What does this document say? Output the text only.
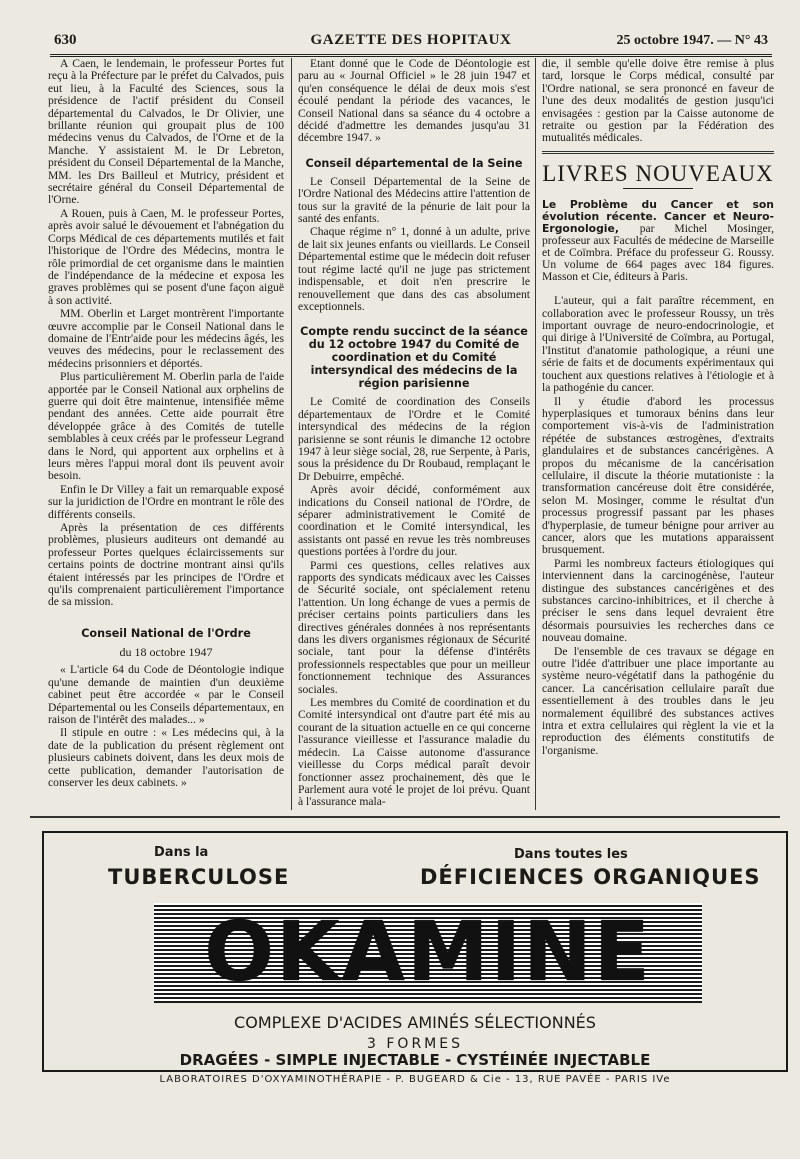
630	GAZETTE DES HOPITAUX	25 octobre 1947. — N° 43

A Caen, le lendemain, le professeur Portes fut reçu à la Préfecture par le préfet du Calvados, puis eut lieu, à la Faculté des Sciences, sous la présidence de l'actif président du Conseil départemental du Calvados, le Dr Olivier, une brillante réunion qui groupait plus de 100 médecins venus du Calvados, de l'Orne et de la Manche. Y assistaient M. le Dr Lebreton, président du Conseil Départemental de la Manche, MM. les Drs Bailleul et Mutricy, président et secrétaire général du Conseil Départemental de l'Orne.

A Rouen, puis à Caen, M. le professeur Portes, après avoir salué le dévouement et l'abnégation du Corps Médical de ces départements mutilés et fait l'historique de l'Ordre des Médecins, montra le rôle primordial de cet organisme dans le maintien de l'indépendance de la médecine et exposa les graves problèmes qui se posent d'une façon aiguë à son activité.

MM. Oberlin et Larget montrèrent l'importante œuvre accomplie par le Conseil National dans le domaine de l'Entr'aide pour les médecins âgés, les veuves des médecins, pour le reclassement des médecins prisonniers et déportés.

Plus particulièrement M. Oberlin parla de l'aide apportée par le Conseil National aux orphelins de guerre qui doit être maintenue, intensifiée même pendant des années. Cette aide pourrait être développée grâce à des Comités de tutelle semblables à ceux créés par le professeur Legrand dans le Nord, qui apportent aux orphelins et à leurs mères l'appui moral dont ils peuvent avoir besoin.

Enfin le Dr Villey a fait un remarquable exposé sur la juridiction de l'Ordre en montrant le rôle des différents conseils.

Après la présentation de ces différents problèmes, plusieurs auditeurs ont demandé au professeur Portes quelques éclaircissements sur certains points de doctrine montrant ainsi qu'ils étaient intéressés par les principes de l'Ordre et qu'ils comprenaient particulièrement l'importance de sa mission.

Conseil National de l'Ordre
du 18 octobre 1947

« L'article 64 du Code de Déontologie indique qu'une demande de maintien d'un deuxième cabinet peut être accordée « par le Conseil Départemental ou les Conseils départementaux, en raison de l'intérêt des malades... »

Il stipule en outre : « Les médecins qui, à la date de la publication du présent règlement ont plusieurs cabinets doivent, dans les deux mois de cette publication, demander l'autorisation de conserver les deux cabinets. »

Etant donné que le Code de Déontologie est paru au « Journal Officiel » le 28 juin 1947 et qu'en conséquence le délai de deux mois s'est écoulé pendant la période des vacances, le Conseil National dans sa séance du 4 octobre a décidé d'admettre les demandes jusqu'au 31 décembre 1947. »

Conseil départemental de la Seine

Le Conseil Départemental de la Seine de l'Ordre National des Médecins attire l'attention de tous sur la gravité de la pénurie de lait pour la santé des enfants.

Chaque régime n° 1, donné à un adulte, prive de lait six jeunes enfants ou vieillards. Le Conseil Départemental estime que le médecin doit refuser tout régime lacté qu'il ne juge pas strictement indispensable, et doit n'en prescrire le renouvellement que dans des cas absolument exceptionnels.

Compte rendu succinct de la séance du 12 octobre 1947 du Comité de coordination et du Comité intersyndical des médecins de la région parisienne

Le Comité de coordination des Conseils départementaux de l'Ordre et le Comité intersyndical des médecins de la région parisienne se sont réunis le dimanche 12 octobre 1947 à leur siège social, 28, rue Serpente, à Paris, sous la présidence du Dr Roubaud, remplaçant le Dr Debuirre, empêché.

Après avoir décidé, conformément aux indications du Conseil national de l'Ordre, de séparer administrativement le Comité de coordination et le Comité intersyndical, les assistants ont passé en revue les très nombreuses questions portées à l'ordre du jour.

Parmi ces questions, celles relatives aux rapports des syndicats médicaux avec les Caisses de Sécurité sociale, ont spécialement retenu l'attention. Un long échange de vues a permis de préciser certains points particuliers dans les directives générales données à nos représentants dans les divers organismes régionaux de Sécurité sociale, tant pour la défense d'intérêts professionnels respectables que pour un meilleur fonctionnement technique des Assurances sociales.

Les membres du Comité de coordination et du Comité intersyndical ont d'autre part été mis au courant de la situation actuelle en ce qui concerne l'assurance vieillesse et l'assurance maladie du médecin. La Caisse autonome d'assurance vieillesse du Corps médical paraît devoir fonctionner assez prochainement, dès que le Parlement aura voté le projet de loi prévu. Quant à l'assurance mala-

die, il semble qu'elle doive être remise à plus tard, lorsque le Corps médical, consulté par l'Ordre national, se sera prononcé en faveur de l'une des deux modalités de gestion jusqu'ici envisagées : gestion par la Caisse autonome de retraite ou gestion par la Fédération des mutualités médicales.

LIVRES NOUVEAUX
Le Problème du Cancer et son évolution récente. Cancer et Neuro-Ergonologie, par Michel Mosinger, professeur aux Facultés de médecine de Marseille et de Coïmbra. Préface du professeur G. Roussy. Un volume de 664 pages avec 184 figures. Masson et Cie, éditeurs à Paris.

L'auteur, qui a fait paraître récemment, en collaboration avec le professeur Roussy, un très important ouvrage de neuro-endocrinologie, et qui dirige à l'Université de Coïmbra, au Portugal, l'Institut d'anatomie pathologique, a réuni une série de faits et de documents expérimentaux qui touchent aux questions relatives à l'étiologie et à la pathogénie du cancer.

Il y étudie d'abord les processus hyperplasiques et tumoraux bénins dans leur comportement vis-à-vis de l'administration répétée de substances œstrogènes, d'extraits glandulaires et de substances cancérigènes. A propos du mécanisme de la cancérisation cellulaire, il discute la théorie mutationiste : la transformation cancéreuse doit être considérée, selon M. Mosinger, comme le résultat d'un processus progressif passant par les phases d'hyperplasie, de tumeur bénigne pour arriver au cancer, alors que les mutations apparaissent brusquement.

Parmi les nombreux facteurs étiologiques qui interviennent dans la carcinogénèse, l'auteur distingue des substances cancérigènes et des substances carcino-inhibitrices, et il cherche à préciser le sens dans lequel devraient être désormais poursuivies les recherches dans ce nouveau domaine.

De l'ensemble de ces travaux se dégage en outre l'idée d'attribuer une place importante au système neuro-végétatif dans la pathogénie du cancer. La cancérisation cellulaire paraît due essentiellement à des troubles dans le jeu normalement équilibré des substances actives intra et extra cellulaires qui règlent la vie et la reproduction des éléments constitutifs de l'organisme.

Dans la
TUBERCULOSE
Dans toutes les
DÉFICIENCES ORGANIQUES
OKAMINE
COMPLEXE D'ACIDES AMINÉS SÉLECTIONNÉS
3 FORMES
DRAGÉES - SIMPLE INJECTABLE - CYSTÉINÉE INJECTABLE
LABORATOIRES D'OXYAMINOTHÉRAPIE - P. BUGEARD & Cie - 13, RUE PAVÉE - PARIS IVe
